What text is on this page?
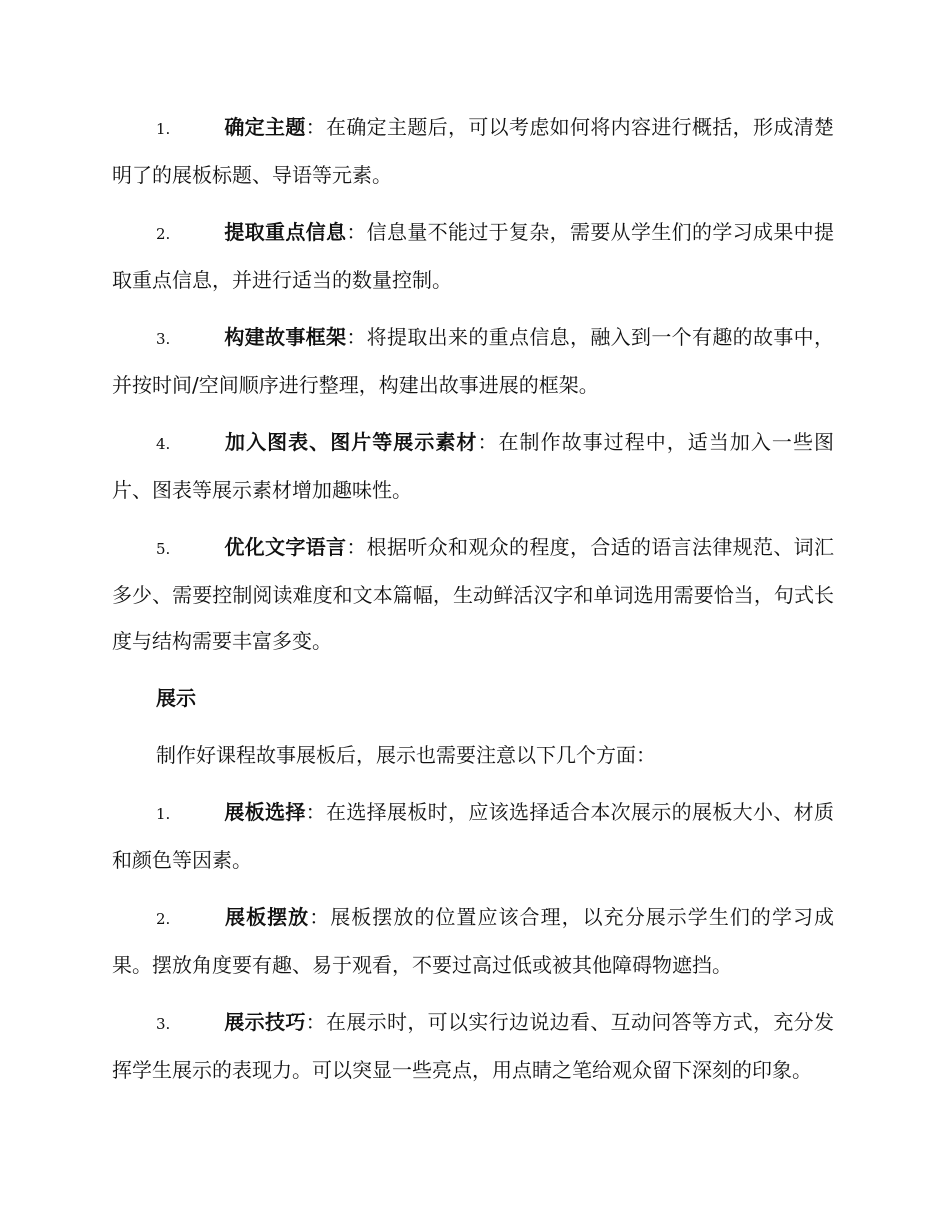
1.	确定主题：在确定主题后，可以考虑如何将内容进行概括，形成清楚明了的展板标题、导语等元素。
2.	提取重点信息：信息量不能过于复杂，需要从学生们的学习成果中提取重点信息，并进行适当的数量控制。
3.	构建故事框架：将提取出来的重点信息，融入到一个有趣的故事中，并按时间/空间顺序进行整理，构建出故事进展的框架。
4.	加入图表、图片等展示素材：在制作故事过程中，适当加入一些图片、图表等展示素材增加趣味性。
5.	优化文字语言：根据听众和观众的程度，合适的语言法律规范、词汇多少、需要控制阅读难度和文本篇幅，生动鲜活汉字和单词选用需要恰当，句式长度与结构需要丰富多变。
展示
制作好课程故事展板后，展示也需要注意以下几个方面：
1.	展板选择：在选择展板时，应该选择适合本次展示的展板大小、材质和颜色等因素。
2.	展板摆放：展板摆放的位置应该合理，以充分展示学生们的学习成果。摆放角度要有趣、易于观看，不要过高过低或被其他障碍物遮挡。
3.	展示技巧：在展示时，可以实行边说边看、互动问答等方式，充分发挥学生展示的表现力。可以突显一些亮点，用点睛之笔给观众留下深刻的印象。
